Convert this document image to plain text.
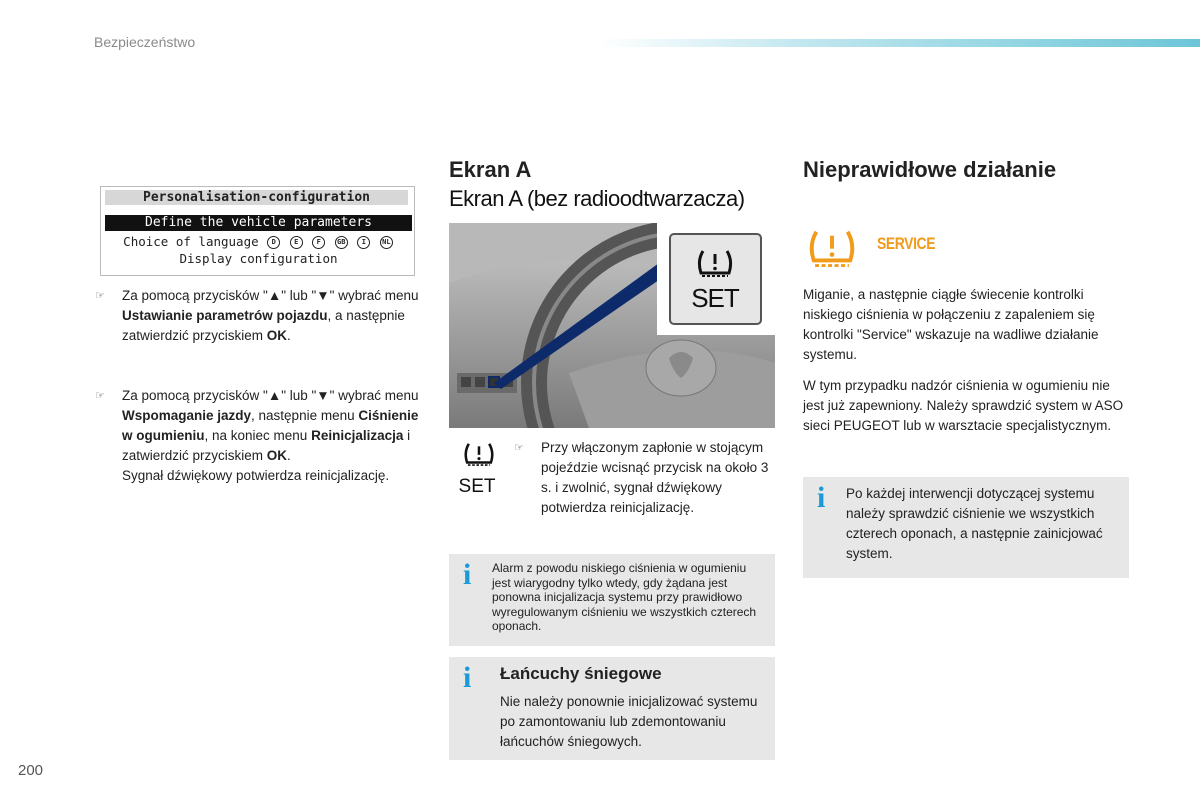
Bezpieczeństwo
Personalisation-configuration
Define the vehicle parameters
Choice of language D	E	F GB I NL
Display configuration
☞ Za pomocą przycisków "▲" lub "▼" wybrać menu Ustawianie parametrów pojazdu, a następnie zatwierdzić przyciskiem OK.
☞ Za pomocą przycisków "▲" lub "▼" wybrać menu Wspomaganie jazdy, następnie menu Ciśnienie w ogumieniu, na koniec menu Reinicjalizacja i zatwierdzić przyciskiem OK.
Sygnał dźwiękowy potwierdza reinicjalizację.
Ekran A
Ekran A (bez radioodtwarzacza)
SET
SET
☞ Przy włączonym zapłonie w stojącym pojeździe wcisnąć przycisk na około 3 s. i zwolnić, sygnał dźwiękowy potwierdza reinicjalizację.
i Alarm z powodu niskiego ciśnienia w ogumieniu jest wiarygodny tylko wtedy, gdy żądana jest ponowna inicjalizacja systemu przy prawidłowo wyregulowanym ciśnieniu we wszystkich czterech oponach.
i Łańcuchy śniegowe
Nie należy ponownie inicjalizować systemu po zamontowaniu lub zdemontowaniu łańcuchów śniegowych.
Nieprawidłowe działanie
SERVICE

Miganie, a następnie ciągłe świecenie kontrolki niskiego ciśnienia w połączeniu z zapaleniem się kontrolki "Service" wskazuje na wadliwe działanie systemu.

W tym przypadku nadzór ciśnienia w ogumieniu nie jest już zapewniony. Należy sprawdzić system w ASO sieci PEUGEOT lub w warsztacie specjalistycznym.

i Po każdej interwencji dotyczącej systemu należy sprawdzić ciśnienie we wszystkich czterech oponach, a następnie zainicjować system.
200
